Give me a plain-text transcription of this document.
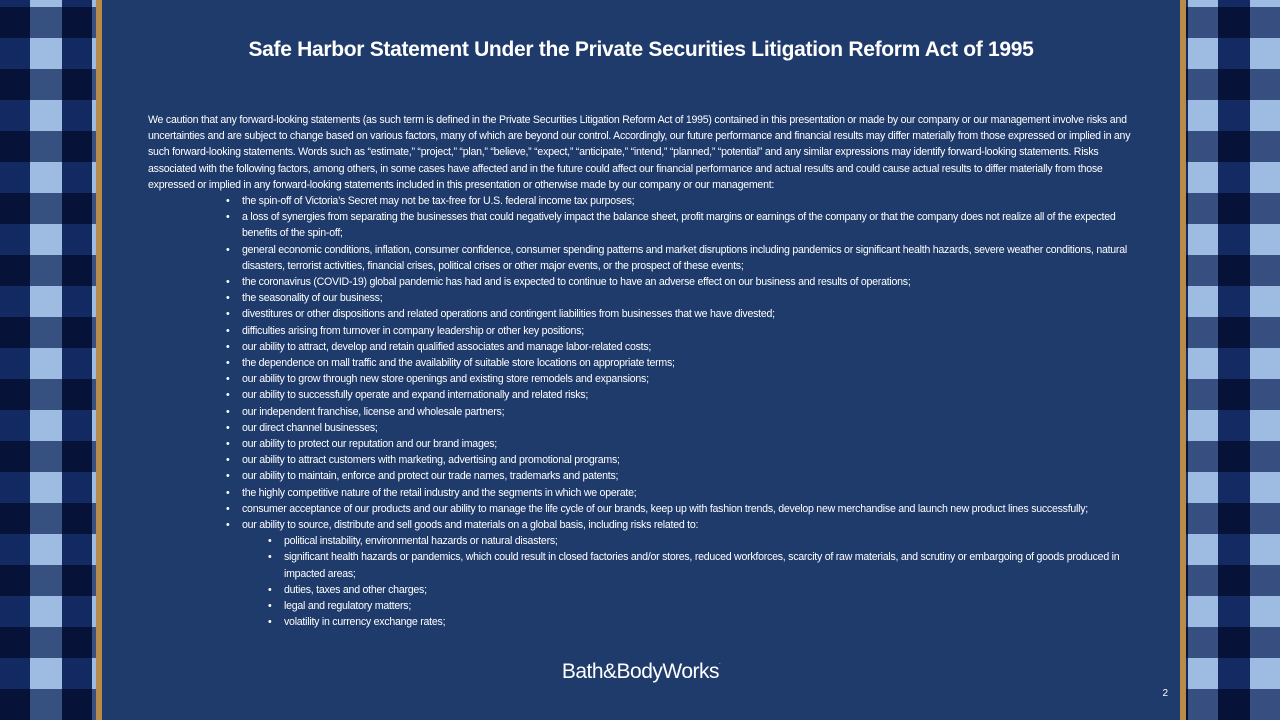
Safe Harbor Statement Under the Private Securities Litigation Reform Act of 1995

We caution that any forward-looking statements (as such term is defined in the Private Securities Litigation Reform Act of 1995) contained in this presentation or made by our company or our management involve risks and uncertainties and are subject to change based on various factors, many of which are beyond our control. Accordingly, our future performance and financial results may differ materially from those expressed or implied in any such forward-looking statements. Words such as “estimate,” “project,” “plan,” “believe,” “expect,” “anticipate,” “intend,” “planned,” “potential” and any similar expressions may identify forward-looking statements. Risks associated with the following factors, among others, in some cases have affected and in the future could affect our financial performance and actual results and could cause actual results to differ materially from those expressed or implied in any forward-looking statements included in this presentation or otherwise made by our company or our management:

• the spin-off of Victoria’s Secret may not be tax-free for U.S. federal income tax purposes;
• a loss of synergies from separating the businesses that could negatively impact the balance sheet, profit margins or earnings of the company or that the company does not realize all of the expected benefits of the spin-off;
• general economic conditions, inflation, consumer confidence, consumer spending patterns and market disruptions including pandemics or significant health hazards, severe weather conditions, natural disasters, terrorist activities, financial crises, political crises or other major events, or the prospect of these events;
• the coronavirus (COVID-19) global pandemic has had and is expected to continue to have an adverse effect on our business and results of operations;
• the seasonality of our business;
• divestitures or other dispositions and related operations and contingent liabilities from businesses that we have divested;
• difficulties arising from turnover in company leadership or other key positions;
• our ability to attract, develop and retain qualified associates and manage labor-related costs;
• the dependence on mall traffic and the availability of suitable store locations on appropriate terms;
• our ability to grow through new store openings and existing store remodels and expansions;
• our ability to successfully operate and expand internationally and related risks;
• our independent franchise, license and wholesale partners;
• our direct channel businesses;
• our ability to protect our reputation and our brand images;
• our ability to attract customers with marketing, advertising and promotional programs;
• our ability to maintain, enforce and protect our trade names, trademarks and patents;
• the highly competitive nature of the retail industry and the segments in which we operate;
• consumer acceptance of our products and our ability to manage the life cycle of our brands, keep up with fashion trends, develop new merchandise and launch new product lines successfully;
• our ability to source, distribute and sell goods and materials on a global basis, including risks related to:
• political instability, environmental hazards or natural disasters;
• significant health hazards or pandemics, which could result in closed factories and/or stores, reduced workforces, scarcity of raw materials, and scrutiny or embargoing of goods produced in impacted areas;
• duties, taxes and other charges;
• legal and regulatory matters;
• volatility in currency exchange rates;
Bath&BodyWorks.
2
